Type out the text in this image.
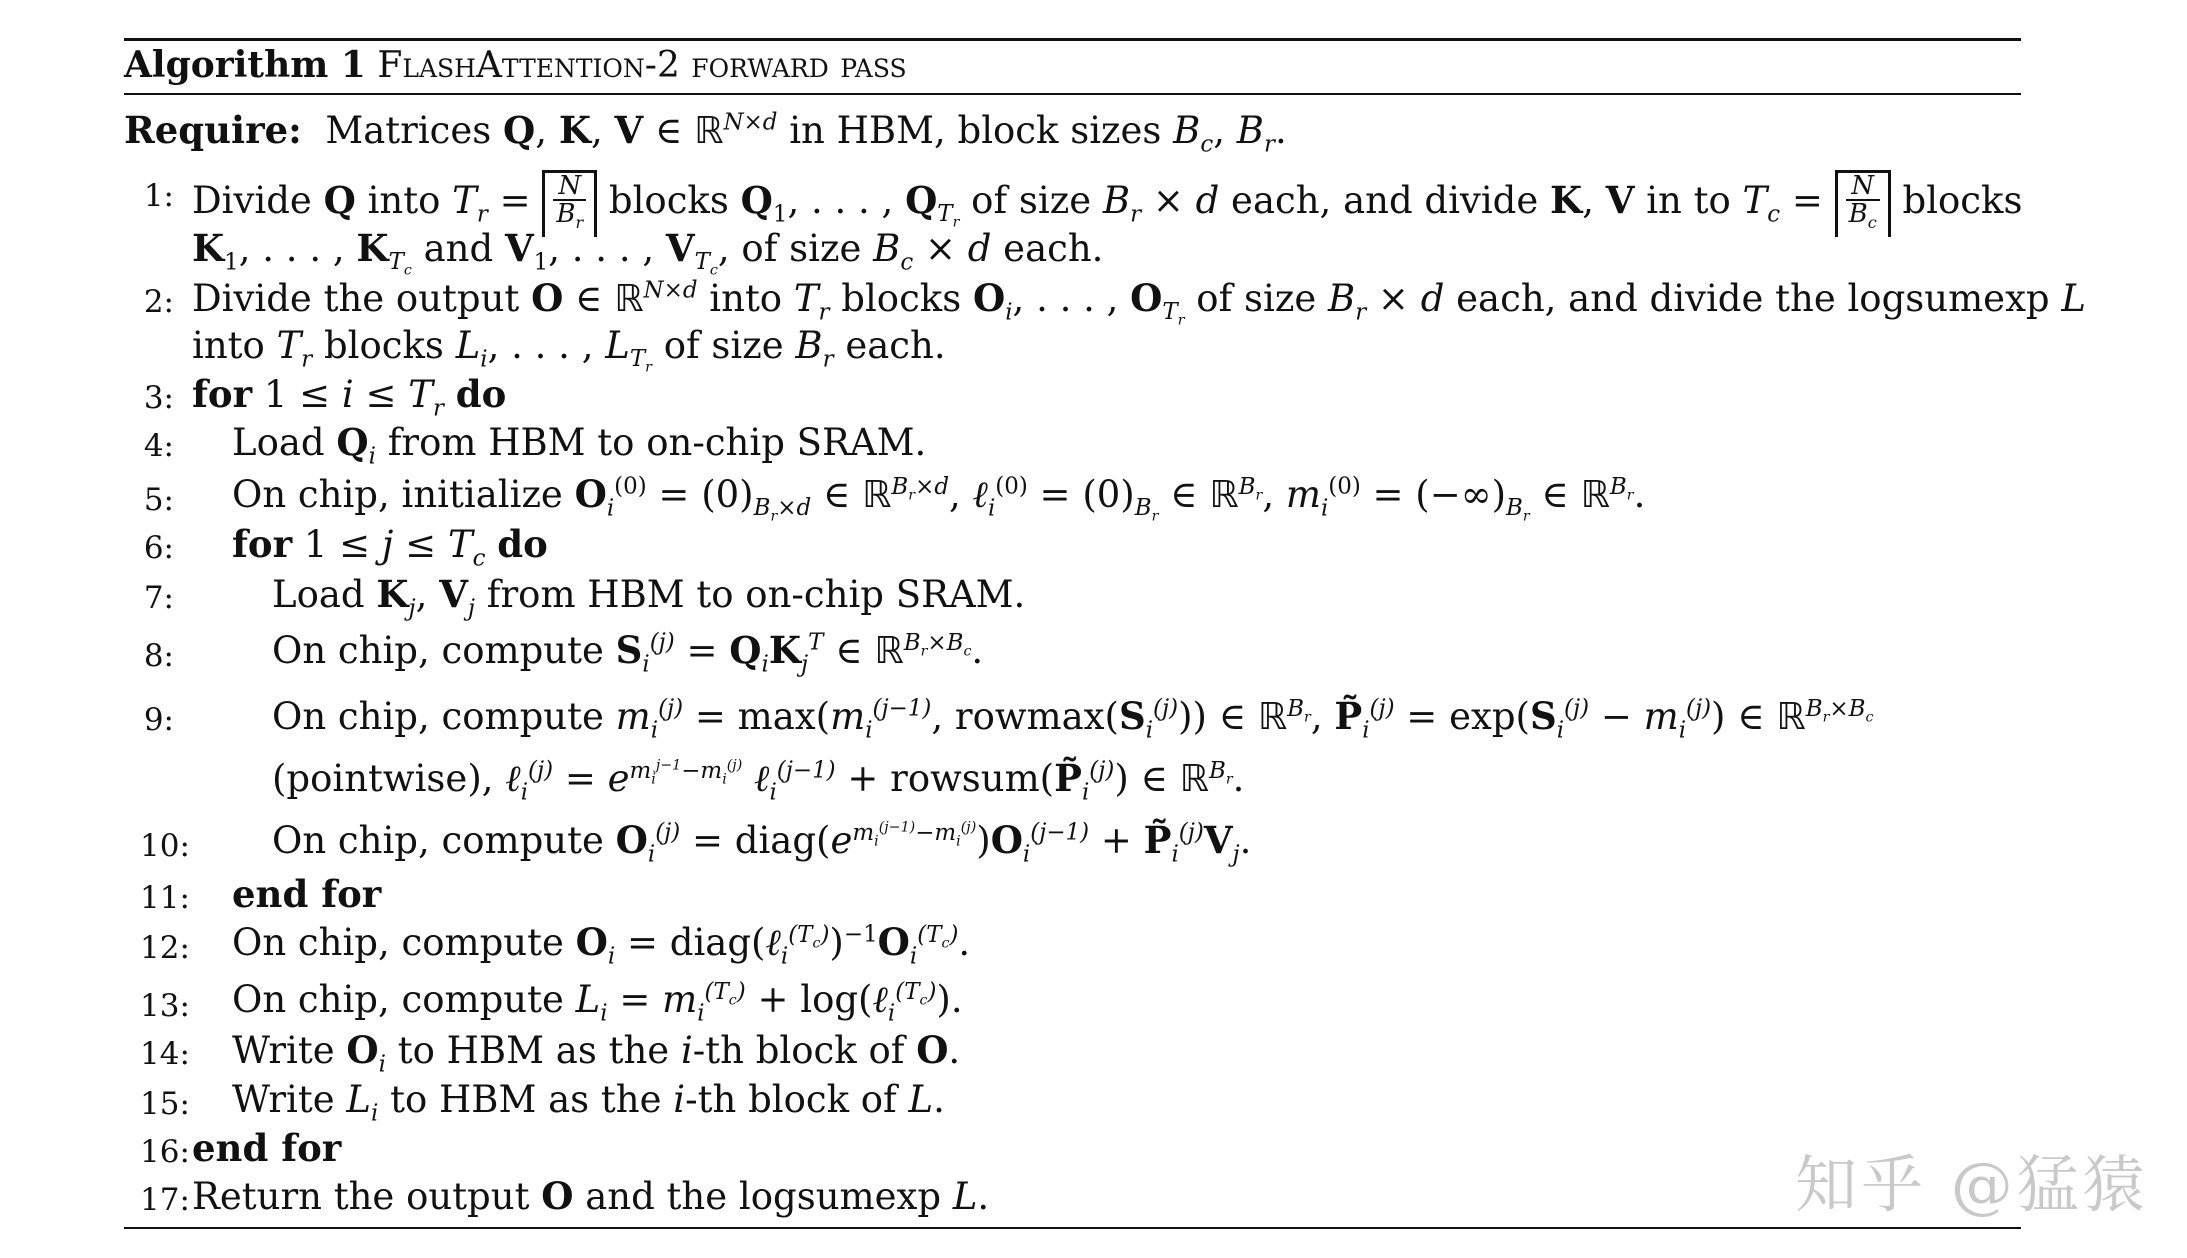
Algorithm 1 FlashAttention-2 forward pass
Require:  Matrices Q, K, V ∈ ℝ$^{N\times d}$ in HBM, block sizes $B_c$, $B_r$.
1: Divide Q into $T_r = \frac{N}{B_r}$ blocks $Q_1$, . . . , $Q_{T_r}$ of size $B_r \times d$ each, and divide K, V in to $T_c = \frac{N}{B_c}$ blocks
$K_1$, . . . , $K_{T_c}$ and $V_1$, . . . , $V_{T_c}$, of size $B_c \times d$ each.
2: Divide the output O ∈ ℝ$^{N\times d}$ into $T_r$ blocks $O_i$, . . . , $O_{T_r}$ of size $B_r \times d$ each, and divide the logsumexp L
into $T_r$ blocks $L_i$, . . . , $L_{T_r}$ of size $B_r$ each.
3: for $1 \le i \le T_r$ do
4: Load $Q_i$ from HBM to on-chip SRAM.
5: On chip, initialize $O_i^{(0)} = (0)_{B_r\times d}$ ∈ ℝ$^{B_r\times d}$, ℓ$_i^{(0)}$ = $(0)_{B_r}$ ∈ ℝ$^{B_r}$, $m_i^{(0)} = (-\infty)_{B_r}$ ∈ ℝ$^{B_r}$.
6: for $1 \le j \le T_c$ do
7:	Load $K_j$, $V_j$ from HBM to on-chip SRAM.
8:	On chip, compute $S_i^{(j)} = Q_iK_j^T$ ∈ ℝ$^{B_r\times B_c}$.
9:	On chip, compute $m_i^{(j)} = \max(m_i^{(j-1)}$, $rowmax(S_i^{(j)})$) ∈ ℝ$^{B_r}$, $P̃_i^{(j)} = \exp(S_i^{(j)} - m_i^{(j)})$ ∈ ℝ$^{B_r\times B_c}$
(pointwise), ℓ$_i^{(j)}$ = $e^{m_i^{j-1}-m_i^{(j)}}$ ℓ$_i^{(j-1)}$ + $rowsum(P̃_i^{(j)})$ ∈ ℝ$^{B_r}$.
10: On chip, compute $O_i^{(j)}$ = $diag(e^{m_i^{(j-1)}-m_i^{(j)}})O_i^{(j-1)}$ + $P̃_i^{(j)}V_j$.
11: end for
12: On chip, compute $O_i$ = $diag(\ell_i^{(T_c)})^{-1}O_i^{(T_c)}$.
13: On chip, compute $L_i = m_i^{(T_c)}$ + log(ℓ$_i^{(T_c)}$).
14: Write $O_i$ to HBM as the i-th block of O.
15: Write $L_i$ to HBM as the i-th block of L.
16: end for
17: Return the output O and the logsumexp L.	知乎 @猛猿
